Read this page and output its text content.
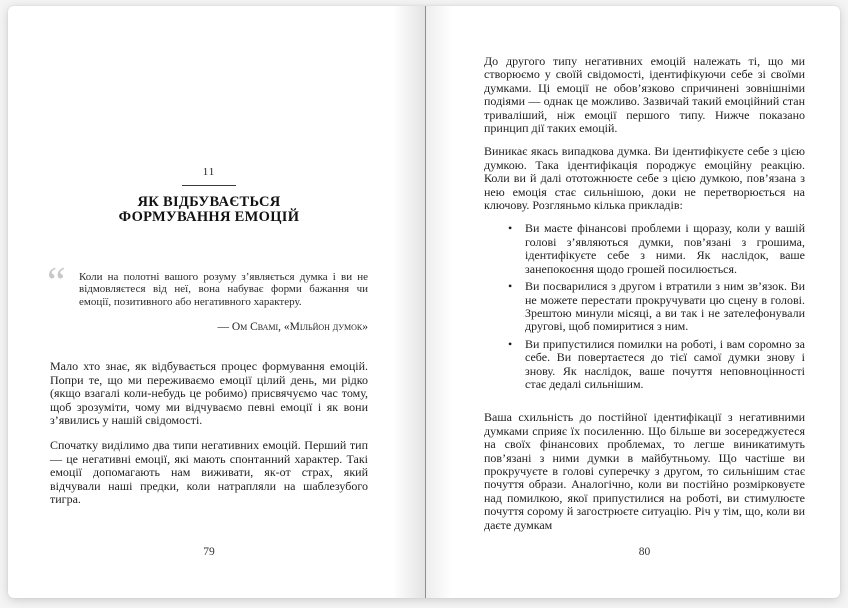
11
ЯК ВІДБУВАЄТЬСЯ
ФОРМУВАННЯ ЕМОЦІЙ
“ Коли на полотні вашого розуму з’являється думка і ви не відмовляєтеся від неї, вона набуває форми бажання чи емоції, позитивного або негативного характеру.

— Ом Свамі, «Мільйон думок»

Мало хто знає, як відбувається процес формування емоцій. Попри те, що ми переживаємо емоції цілий день, ми рідко (якщо взагалі коли-небудь це робимо) присвячуємо час тому, щоб зрозуміти, чому ми відчуваємо певні емоції і як вони з’явились у нашій свідомості.

Спочатку виділимо два типи негативних емоцій. Перший тип — це негативні емоції, які мають спонтанний характер. Такі емоції допомагають нам виживати, як-от страх, який відчували наші предки, коли натрапляли на шаблезубого тигра.

79

До другого типу негативних емоцій належать ті, що ми створюємо у своїй свідомості, ідентифікуючи себе зі своїми думками. Ці емоції не обов’язково спричинені зовнішніми подіями — однак це можливо. Зазвичай такий емоційний стан триваліший, ніж емоції першого типу. Нижче показано принцип дії таких емоцій.

Виникає якась випадкова думка. Ви ідентифікуєте себе з цією думкою. Така ідентифікація породжує емоційну реакцію. Коли ви й далі ототожнюєте себе з цією думкою, пов’язана з нею емоція стає сильнішою, доки не перетворюється на ключову. Розгляньмо кілька прикладів:

• Ви маєте фінансові проблеми і щоразу, коли у вашій голові з’являються думки, пов’язані з грошима, ідентифікуєте себе з ними. Як наслідок, ваше занепокоєння щодо грошей посилюється.
• Ви посварилися з другом і втратили з ним зв’язок. Ви не можете перестати прокручувати цю сцену в голові. Зрештою минули місяці, а ви так і не зателефонували другові, щоб помиритися з ним.
• Ви припустилися помилки на роботі, і вам соромно за себе. Ви повертаєтеся до тієї самої думки знову і знову. Як наслідок, ваше почуття неповноцінності стає дедалі сильнішим.

Ваша схильність до постійної ідентифікації з негативними думками сприяє їх посиленню. Що більше ви зосереджуєтеся на своїх фінансових проблемах, то легше виникатимуть пов’язані з ними думки в майбутньому. Що частіше ви прокручуєте в голові суперечку з другом, то сильнішим стає почуття образи. Аналогічно, коли ви постійно розмірковуєте над помилкою, якої припустилися на роботі, ви стимулюєте почуття сорому й загострюєте ситуацію. Річ у тім, що, коли ви даєте думкам

80
